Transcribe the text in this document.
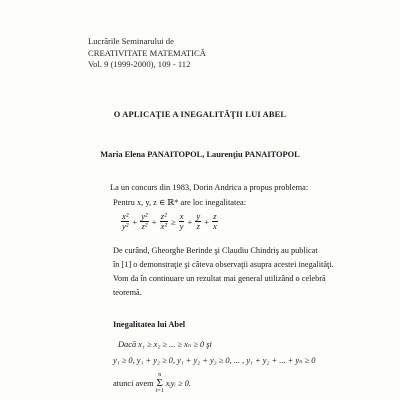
Lucrările Seminarului de
CREATIVITATE MATEMATICĂ
Vol. 9 (1999-2000), 109 - 112
O APLICAŢIE A INEGALITĂŢII LUI ABEL
Maria Elena PANAITOPOL, Laurenţiu PANAITOPOL
La un concurs din 1983, Dorin Andrica a propus problema:
Pentru x, y, z ∈ ℝ* are loc inegalitatea:
$\frac{\text{x²}}{\text{y²}} + \frac{\text{y²}}{\text{z²}} + \frac{\text{z²}}{\text{x²}} \ge \frac{x}{y} + \frac{y}{z} + \frac{z}{x}$
De curând, Gheorghe Berinde şi Claudiu Chindriş au publicat
în [1] o demonstraţie şi câteva observaţii asupra acestei inegalităţi.
Vom da în continuare un rezultat mai general utilizând o celebră
teoremă.
Inegalitatea lui Abel
Dacă x₁ ≥ x₂ ≥ ... ≥ xₙ ≥ 0 şi
y₁ ≥ 0, y₁ + y₂ ≥ 0, y₁ + y₂ + y₃ ≥ 0, ... , y₁ + y₂ + ... + yₙ ≥ 0
atunci avem
n
Σ
i=1
xᵢyᵢ ≥ 0.
